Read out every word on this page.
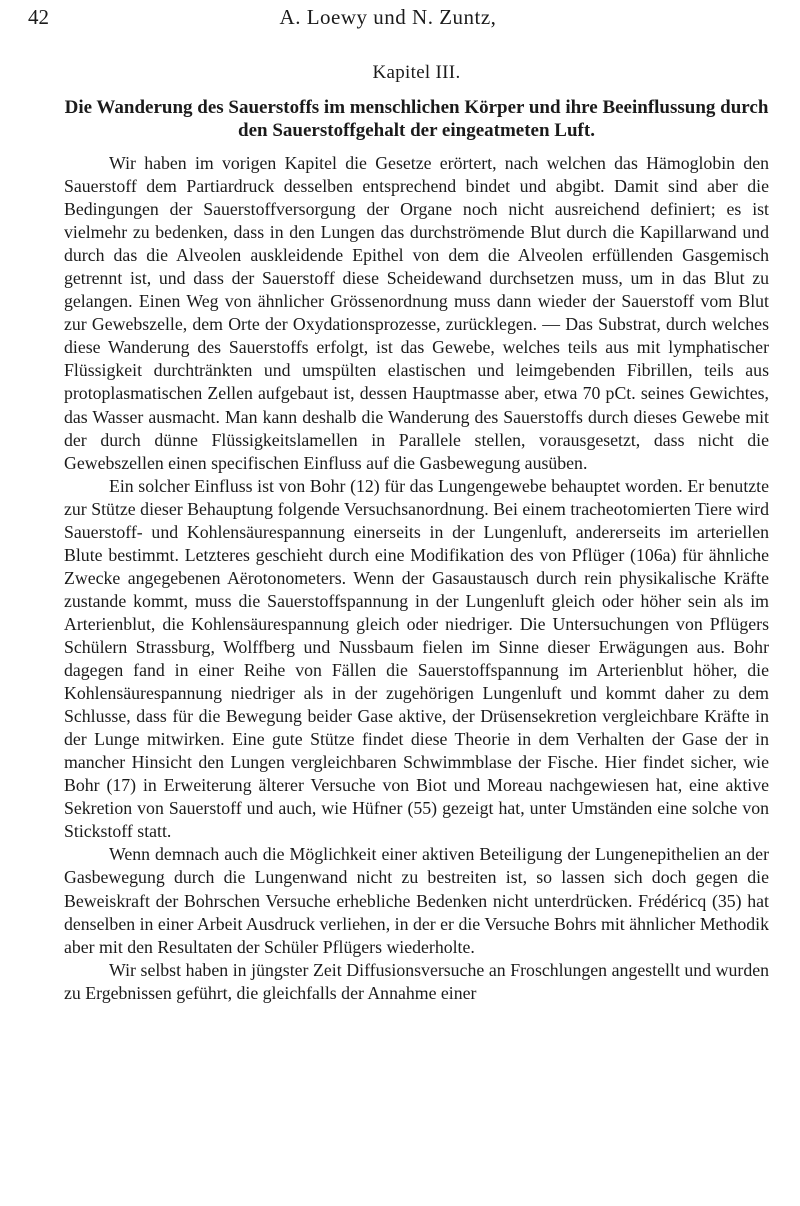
42	A. Loewy und N. Zuntz,
Kapitel III.
Die Wanderung des Sauerstoffs im menschlichen Körper und ihre Beeinflussung durch den Sauerstoffgehalt der eingeatmeten Luft.

Wir haben im vorigen Kapitel die Gesetze erörtert, nach welchen das Hämoglobin den Sauerstoff dem Partiardruck desselben entsprechend bindet und abgibt. Damit sind aber die Bedingungen der Sauerstoffversorgung der Organe noch nicht ausreichend definiert; es ist vielmehr zu bedenken, dass in den Lungen das durchströmende Blut durch die Kapillarwand und durch das die Alveolen auskleidende Epithel von dem die Alveolen erfüllenden Gasgemisch getrennt ist, und dass der Sauerstoff diese Scheidewand durchsetzen muss, um in das Blut zu gelangen. Einen Weg von ähnlicher Grössenordnung muss dann wieder der Sauerstoff vom Blut zur Gewebszelle, dem Orte der Oxydationsprozesse, zurücklegen. — Das Substrat, durch welches diese Wanderung des Sauerstoffs erfolgt, ist das Gewebe, welches teils aus mit lymphatischer Flüssigkeit durchtränkten und umspülten elastischen und leimgebenden Fibrillen, teils aus protoplasmatischen Zellen aufgebaut ist, dessen Hauptmasse aber, etwa 70 pCt. seines Gewichtes, das Wasser ausmacht. Man kann deshalb die Wanderung des Sauerstoffs durch dieses Gewebe mit der durch dünne Flüssigkeitslamellen in Parallele stellen, vorausgesetzt, dass nicht die Gewebszellen einen specifischen Einfluss auf die Gasbewegung ausüben.

Ein solcher Einfluss ist von Bohr (12) für das Lungengewebe behauptet worden. Er benutzte zur Stütze dieser Behauptung folgende Versuchsanordnung. Bei einem tracheotomierten Tiere wird Sauerstoff- und Kohlensäurespannung einerseits in der Lungenluft, andererseits im arteriellen Blute bestimmt. Letzteres geschieht durch eine Modifikation des von Pflüger (106a) für ähnliche Zwecke angegebenen Aërotonometers. Wenn der Gasaustausch durch rein physikalische Kräfte zustande kommt, muss die Sauerstoffspannung in der Lungenluft gleich oder höher sein als im Arterienblut, die Kohlensäurespannung gleich oder niedriger. Die Untersuchungen von Pflügers Schülern Strassburg, Wolffberg und Nussbaum fielen im Sinne dieser Erwägungen aus. Bohr dagegen fand in einer Reihe von Fällen die Sauerstoffspannung im Arterienblut höher, die Kohlensäurespannung niedriger als in der zugehörigen Lungenluft und kommt daher zu dem Schlusse, dass für die Bewegung beider Gase aktive, der Drüsensekretion vergleichbare Kräfte in der Lunge mitwirken. Eine gute Stütze findet diese Theorie in dem Verhalten der Gase der in mancher Hinsicht den Lungen vergleichbaren Schwimmblase der Fische. Hier findet sicher, wie Bohr (17) in Erweiterung älterer Versuche von Biot und Moreau nachgewiesen hat, eine aktive Sekretion von Sauerstoff und auch, wie Hüfner (55) gezeigt hat, unter Umständen eine solche von Stickstoff statt.

Wenn demnach auch die Möglichkeit einer aktiven Beteiligung der Lungenepithelien an der Gasbewegung durch die Lungenwand nicht zu bestreiten ist, so lassen sich doch gegen die Beweiskraft der Bohrschen Versuche erhebliche Bedenken nicht unterdrücken. Frédéricq (35) hat denselben in einer Arbeit Ausdruck verliehen, in der er die Versuche Bohrs mit ähnlicher Methodik aber mit den Resultaten der Schüler Pflügers wiederholte.

Wir selbst haben in jüngster Zeit Diffusionsversuche an Froschlungen angestellt und wurden zu Ergebnissen geführt, die gleichfalls der Annahme einer
